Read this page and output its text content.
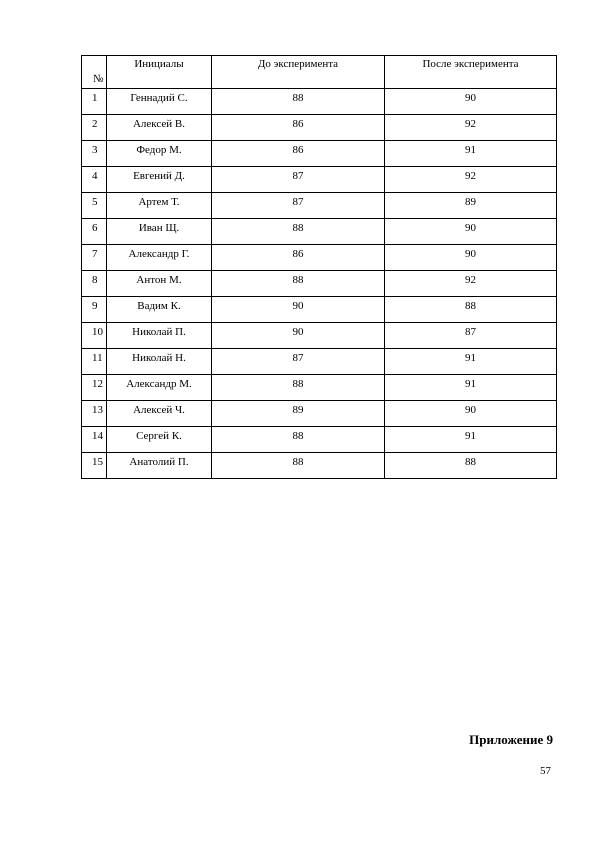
№	Инициалы	До эксперимента	После эксперимента

1	Геннадий С.	88	90

2	Алексей В.	86	92

3	Федор М.	86	91

4	Евгений Д.	87	92

5	Артем Т.	87	89

6	Иван Щ.	88	90

7	Александр Г.	86	90

8	Антон М.	88	92

9	Вадим К.	90	88

10	Николай П.	90	87

11	Николай Н.	87	91

12	Александр М.	88	91

13	Алексей Ч.	89	90

14	Сергей К.	88	91

15	Анатолий П.	88	88
Приложение 9
57
